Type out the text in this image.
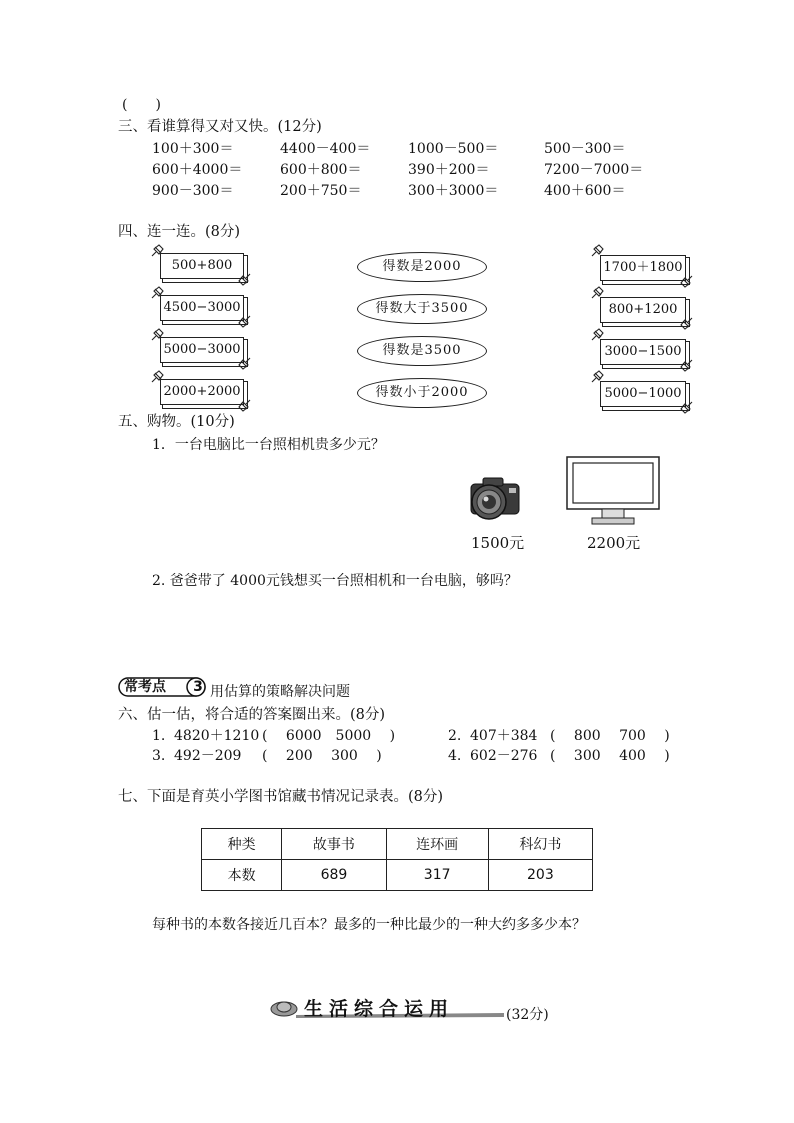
(　　)
三、看谁算得又对又快。(12分)
100＋300＝	4400－400＝	1000－500＝	500－300＝
600＋4000＝	600＋800＝	390＋200＝	7200－7000＝
900－300＝	200＋750＝	300＋3000＝	400＋600＝
四、连一连。(8分)
500+800
4500−3000
5000−3000
2000+2000
得数是2000
得数大于3500
得数是3500
得数小于2000
1700＋1800
800+1200
3000−1500
5000−1000
五、购物。(10分)
1．一台电脑比一台照相机贵多少元？
1500元	2200元
2. 爸爸带了 4000元钱想买一台照相机和一台电脑，够吗？
常考点 3 用估算的策略解决问题
六、估一估，将合适的答案圈出来。(8分)
1. 4820＋1210 (　 6000　5000　 )	2. 407＋384 (　 800　 700　 )
3. 492－209 (　 200　 300　 )	4. 602－276 (　 300　 400　 )
七、下面是育英小学图书馆藏书情况记录表。(8分)
种类	故事书	连环画	科幻书
本数	689	317	203
每种书的本数各接近几百本？最多的一种比最少的一种大约多多少本？
生活综合运用	(32分)
